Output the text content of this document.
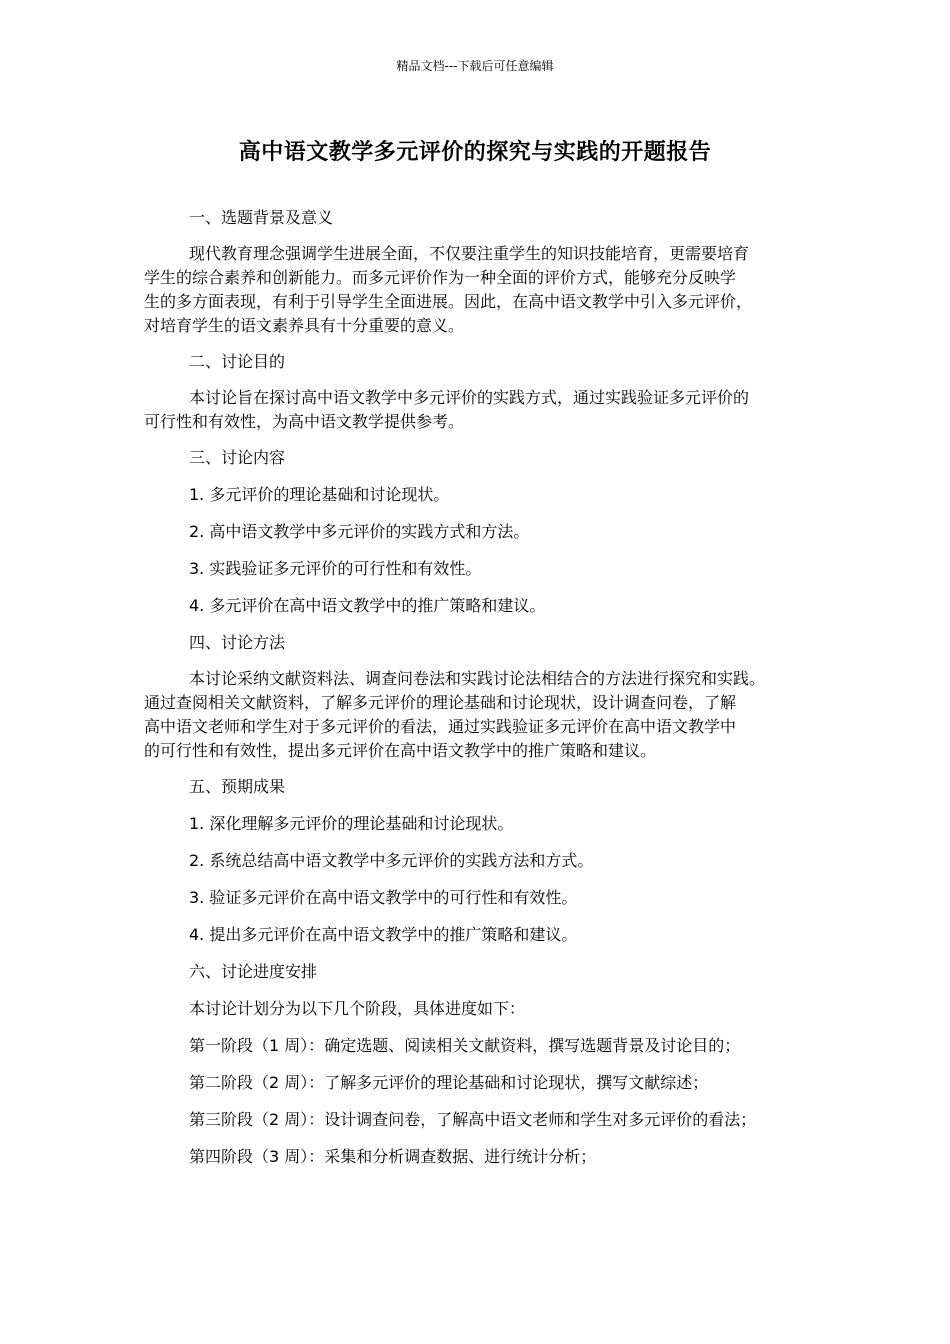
精品文档---下载后可任意编辑
高中语文教学多元评价的探究与实践的开题报告
一、选题背景及意义
现代教育理念强调学生进展全面，不仅要注重学生的知识技能培育，更需要培育
学生的综合素养和创新能力。而多元评价作为一种全面的评价方式，能够充分反映学
生的多方面表现，有利于引导学生全面进展。因此，在高中语文教学中引入多元评价，
对培育学生的语文素养具有十分重要的意义。
二、讨论目的
本讨论旨在探讨高中语文教学中多元评价的实践方式，通过实践验证多元评价的
可行性和有效性，为高中语文教学提供参考。
三、讨论内容
1. 多元评价的理论基础和讨论现状。
2. 高中语文教学中多元评价的实践方式和方法。
3. 实践验证多元评价的可行性和有效性。
4. 多元评价在高中语文教学中的推广策略和建议。
四、讨论方法
本讨论采纳文献资料法、调查问卷法和实践讨论法相结合的方法进行探究和实践。
通过查阅相关文献资料，了解多元评价的理论基础和讨论现状，设计调查问卷，了解
高中语文老师和学生对于多元评价的看法，通过实践验证多元评价在高中语文教学中
的可行性和有效性，提出多元评价在高中语文教学中的推广策略和建议。
五、预期成果
1. 深化理解多元评价的理论基础和讨论现状。
2. 系统总结高中语文教学中多元评价的实践方法和方式。
3. 验证多元评价在高中语文教学中的可行性和有效性。
4. 提出多元评价在高中语文教学中的推广策略和建议。
六、讨论进度安排
本讨论计划分为以下几个阶段，具体进度如下：
第一阶段（1 周）：确定选题、阅读相关文献资料，撰写选题背景及讨论目的；
第二阶段（2 周）：了解多元评价的理论基础和讨论现状，撰写文献综述；
第三阶段（2 周）：设计调查问卷，了解高中语文老师和学生对多元评价的看法；
第四阶段（3 周）：采集和分析调查数据、进行统计分析；
